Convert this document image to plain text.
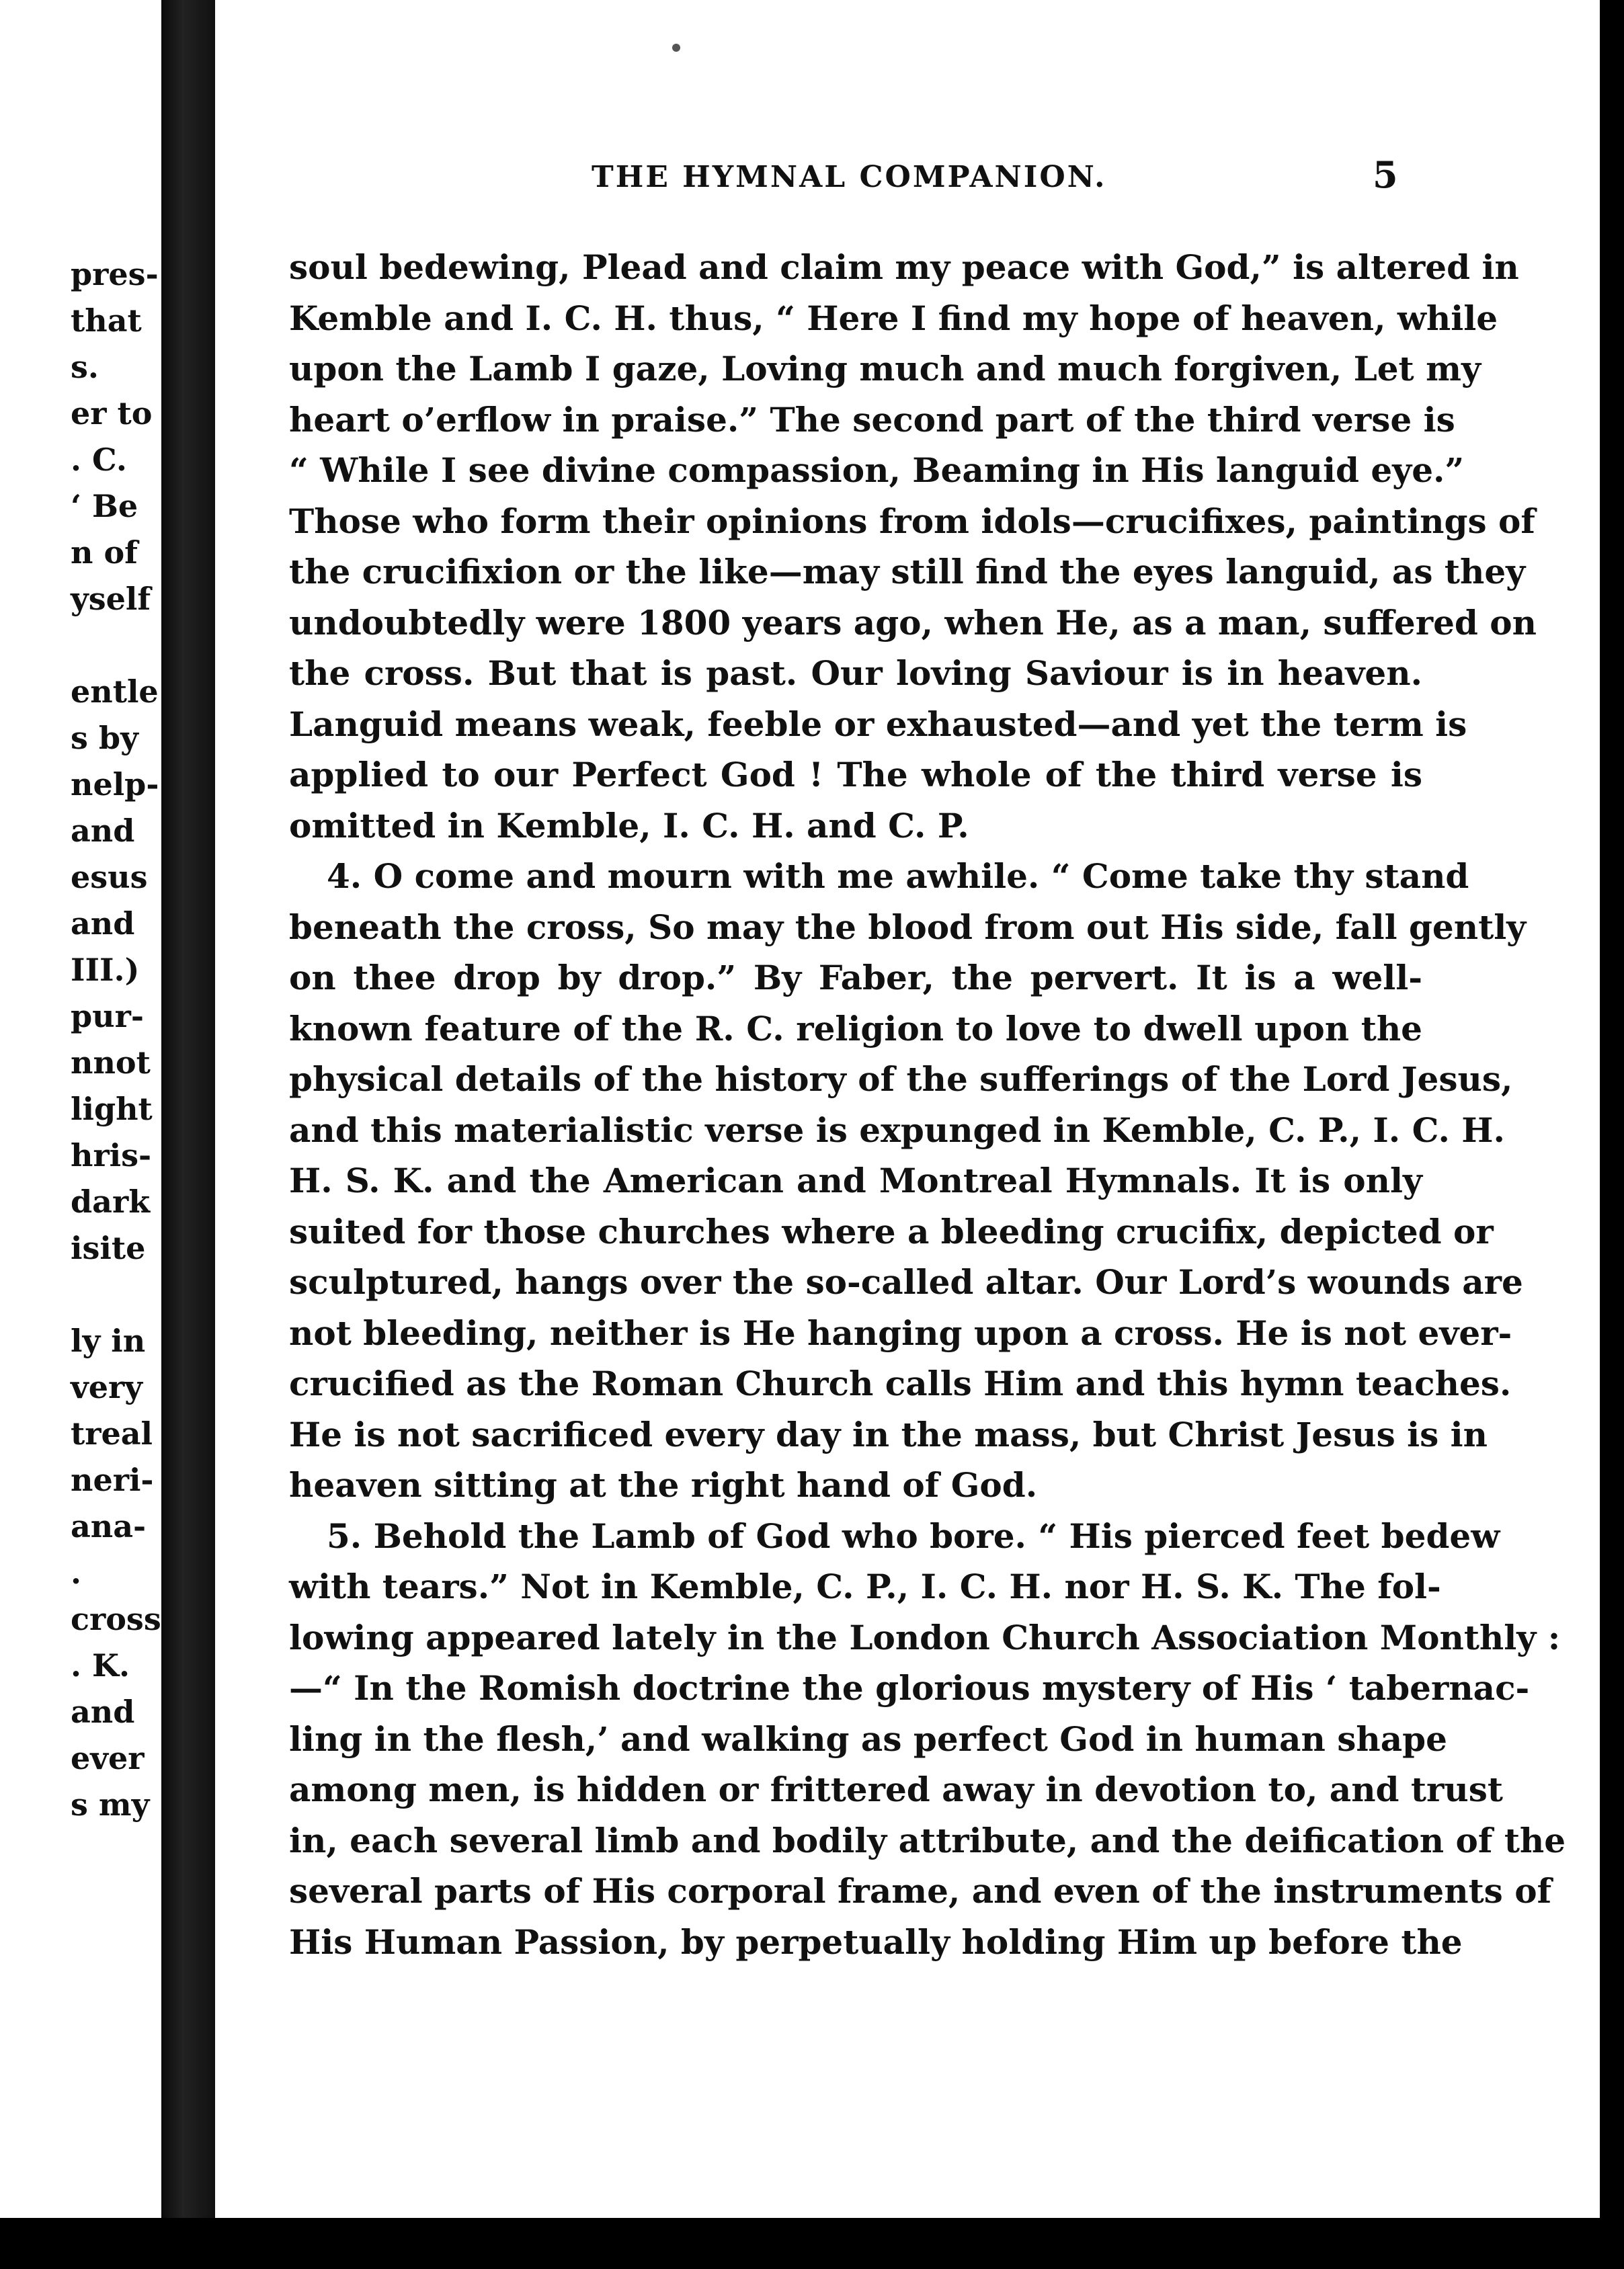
pres-
that
s.
er to
. C.
‘ Be
n of
yself
entle
s by
nelp-
and
esus
and
III.)
pur-
nnot
light
hris-
dark
isite
ly in
very
treal
neri-
ana-
.
cross
. K.
and
ever
s my
THE HYMNAL COMPANION.	5
soul bedewing, Plead and claim my peace with God,” is altered in
Kemble and I. C. H. thus, “ Here I find my hope of heaven, while
upon the Lamb I gaze, Loving much and much forgiven, Let my
heart o’erflow in praise.” The second part of the third verse is
“ While I see divine compassion, Beaming in His languid eye.”
Those who form their opinions from idols—crucifixes, paintings of
the crucifixion or the like—may still find the eyes languid, as they
undoubtedly were 1800 years ago, when He, as a man, suffered on
the cross. But that is past. Our loving Saviour is in heaven.
Languid means weak, feeble or exhausted—and yet the term is
applied to our Perfect God ! The whole of the third verse is
omitted in Kemble, I. C. H. and C. P.
4. O come and mourn with me awhile. “ Come take thy stand
beneath the cross, So may the blood from out His side, fall gently
on thee drop by drop.” By Faber, the pervert. It is a well-
known feature of the R. C. religion to love to dwell upon the
physical details of the history of the sufferings of the Lord Jesus,
and this materialistic verse is expunged in Kemble, C. P., I. C. H.
H. S. K. and the American and Montreal Hymnals. It is only
suited for those churches where a bleeding crucifix, depicted or
sculptured, hangs over the so-called altar. Our Lord’s wounds are
not bleeding, neither is He hanging upon a cross. He is not ever-
crucified as the Roman Church calls Him and this hymn teaches.
He is not sacrificed every day in the mass, but Christ Jesus is in
heaven sitting at the right hand of God.
5. Behold the Lamb of God who bore. “ His pierced feet bedew
with tears.” Not in Kemble, C. P., I. C. H. nor H. S. K. The fol-
lowing appeared lately in the London Church Association Monthly :
—“ In the Romish doctrine the glorious mystery of His ‘ tabernac-
ling in the flesh,’ and walking as perfect God in human shape
among men, is hidden or frittered away in devotion to, and trust
in, each several limb and bodily attribute, and the deification of the
several parts of His corporal frame, and even of the instruments of
His Human Passion, by perpetually holding Him up before the
